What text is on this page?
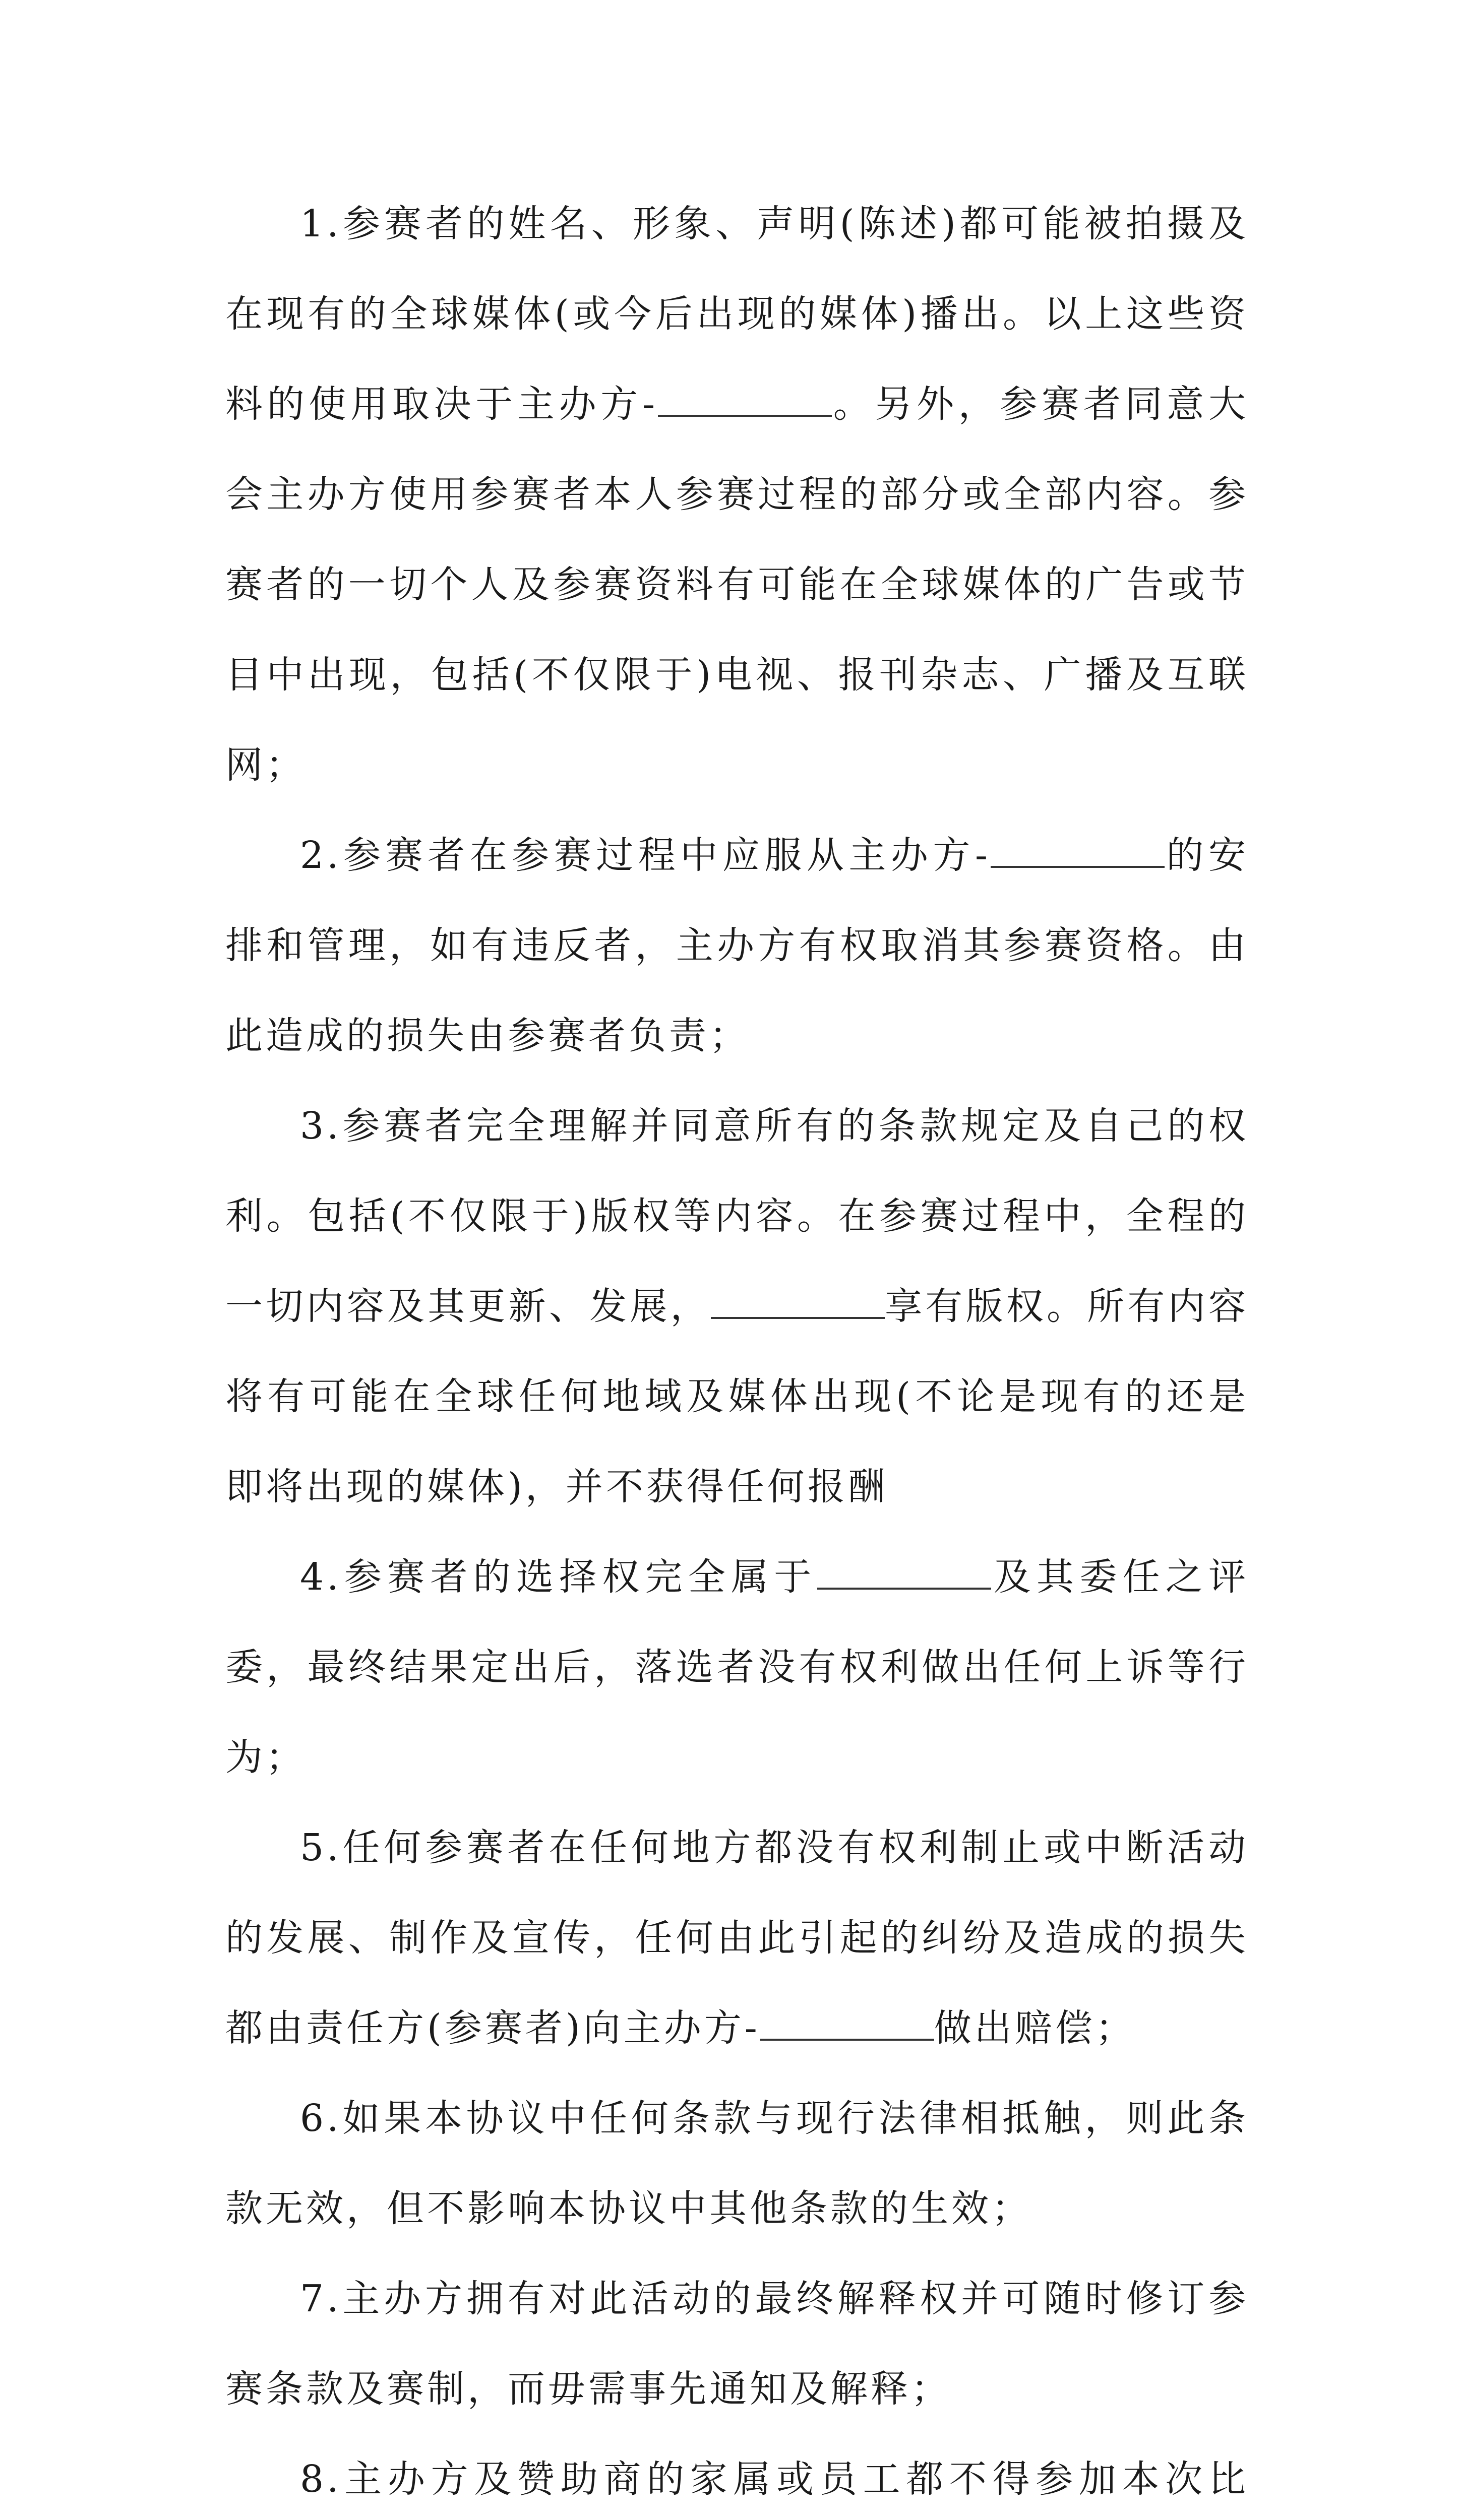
1.参赛者的姓名、形象、声明(陈述)都可能被拍摄及在现有的全球媒体(或今后出现的媒体)播出。以上这些资料的使用取决于主办方-	。另外，参赛者同意大会主办方使用参赛者本人参赛过程的部分或全部内容。参赛者的一切个人及参赛资料有可能在全球媒体的广告或节目中出现，包括(不仅限于)电视、报刊杂志、广播及互联网；

2.参赛者在参赛过程中应服从主办方-	的安排和管理，如有违反者，主办方有权取消其参赛资格。由此造成的损失由参赛者负责；

3.参赛者完全理解并同意所有的条款规定及自己的权利。包括(不仅限于)版权等内容。在参赛过程中，全程的一切内容及其更新、发展，	享有版权。所有内容将有可能在全球任何地域及媒体出现(不论是现有的还是即将出现的媒体)，并不获得任何报酬

4.参赛者的选择权完全属于	及其委任之评委，最终结果定出后，落选者没有权利做出任何上诉等行为；

5.任何参赛者在任何地方都没有权利制止或中断活动的发展、制作及宣传，任何由此引起的纠纷及造成的损失都由责任方(参赛者)向主办方-	做出赔偿；

6.如果本协议中任何条款与现行法律相抵触，则此条款无效，但不影响本协议中其他条款的生效；

7.主办方拥有对此活动的最终解释权并可随时修订参赛条款及赛制，而毋需事先通知及解释；

8.主办方及赞助商的家属或员工都不得参加本次比
